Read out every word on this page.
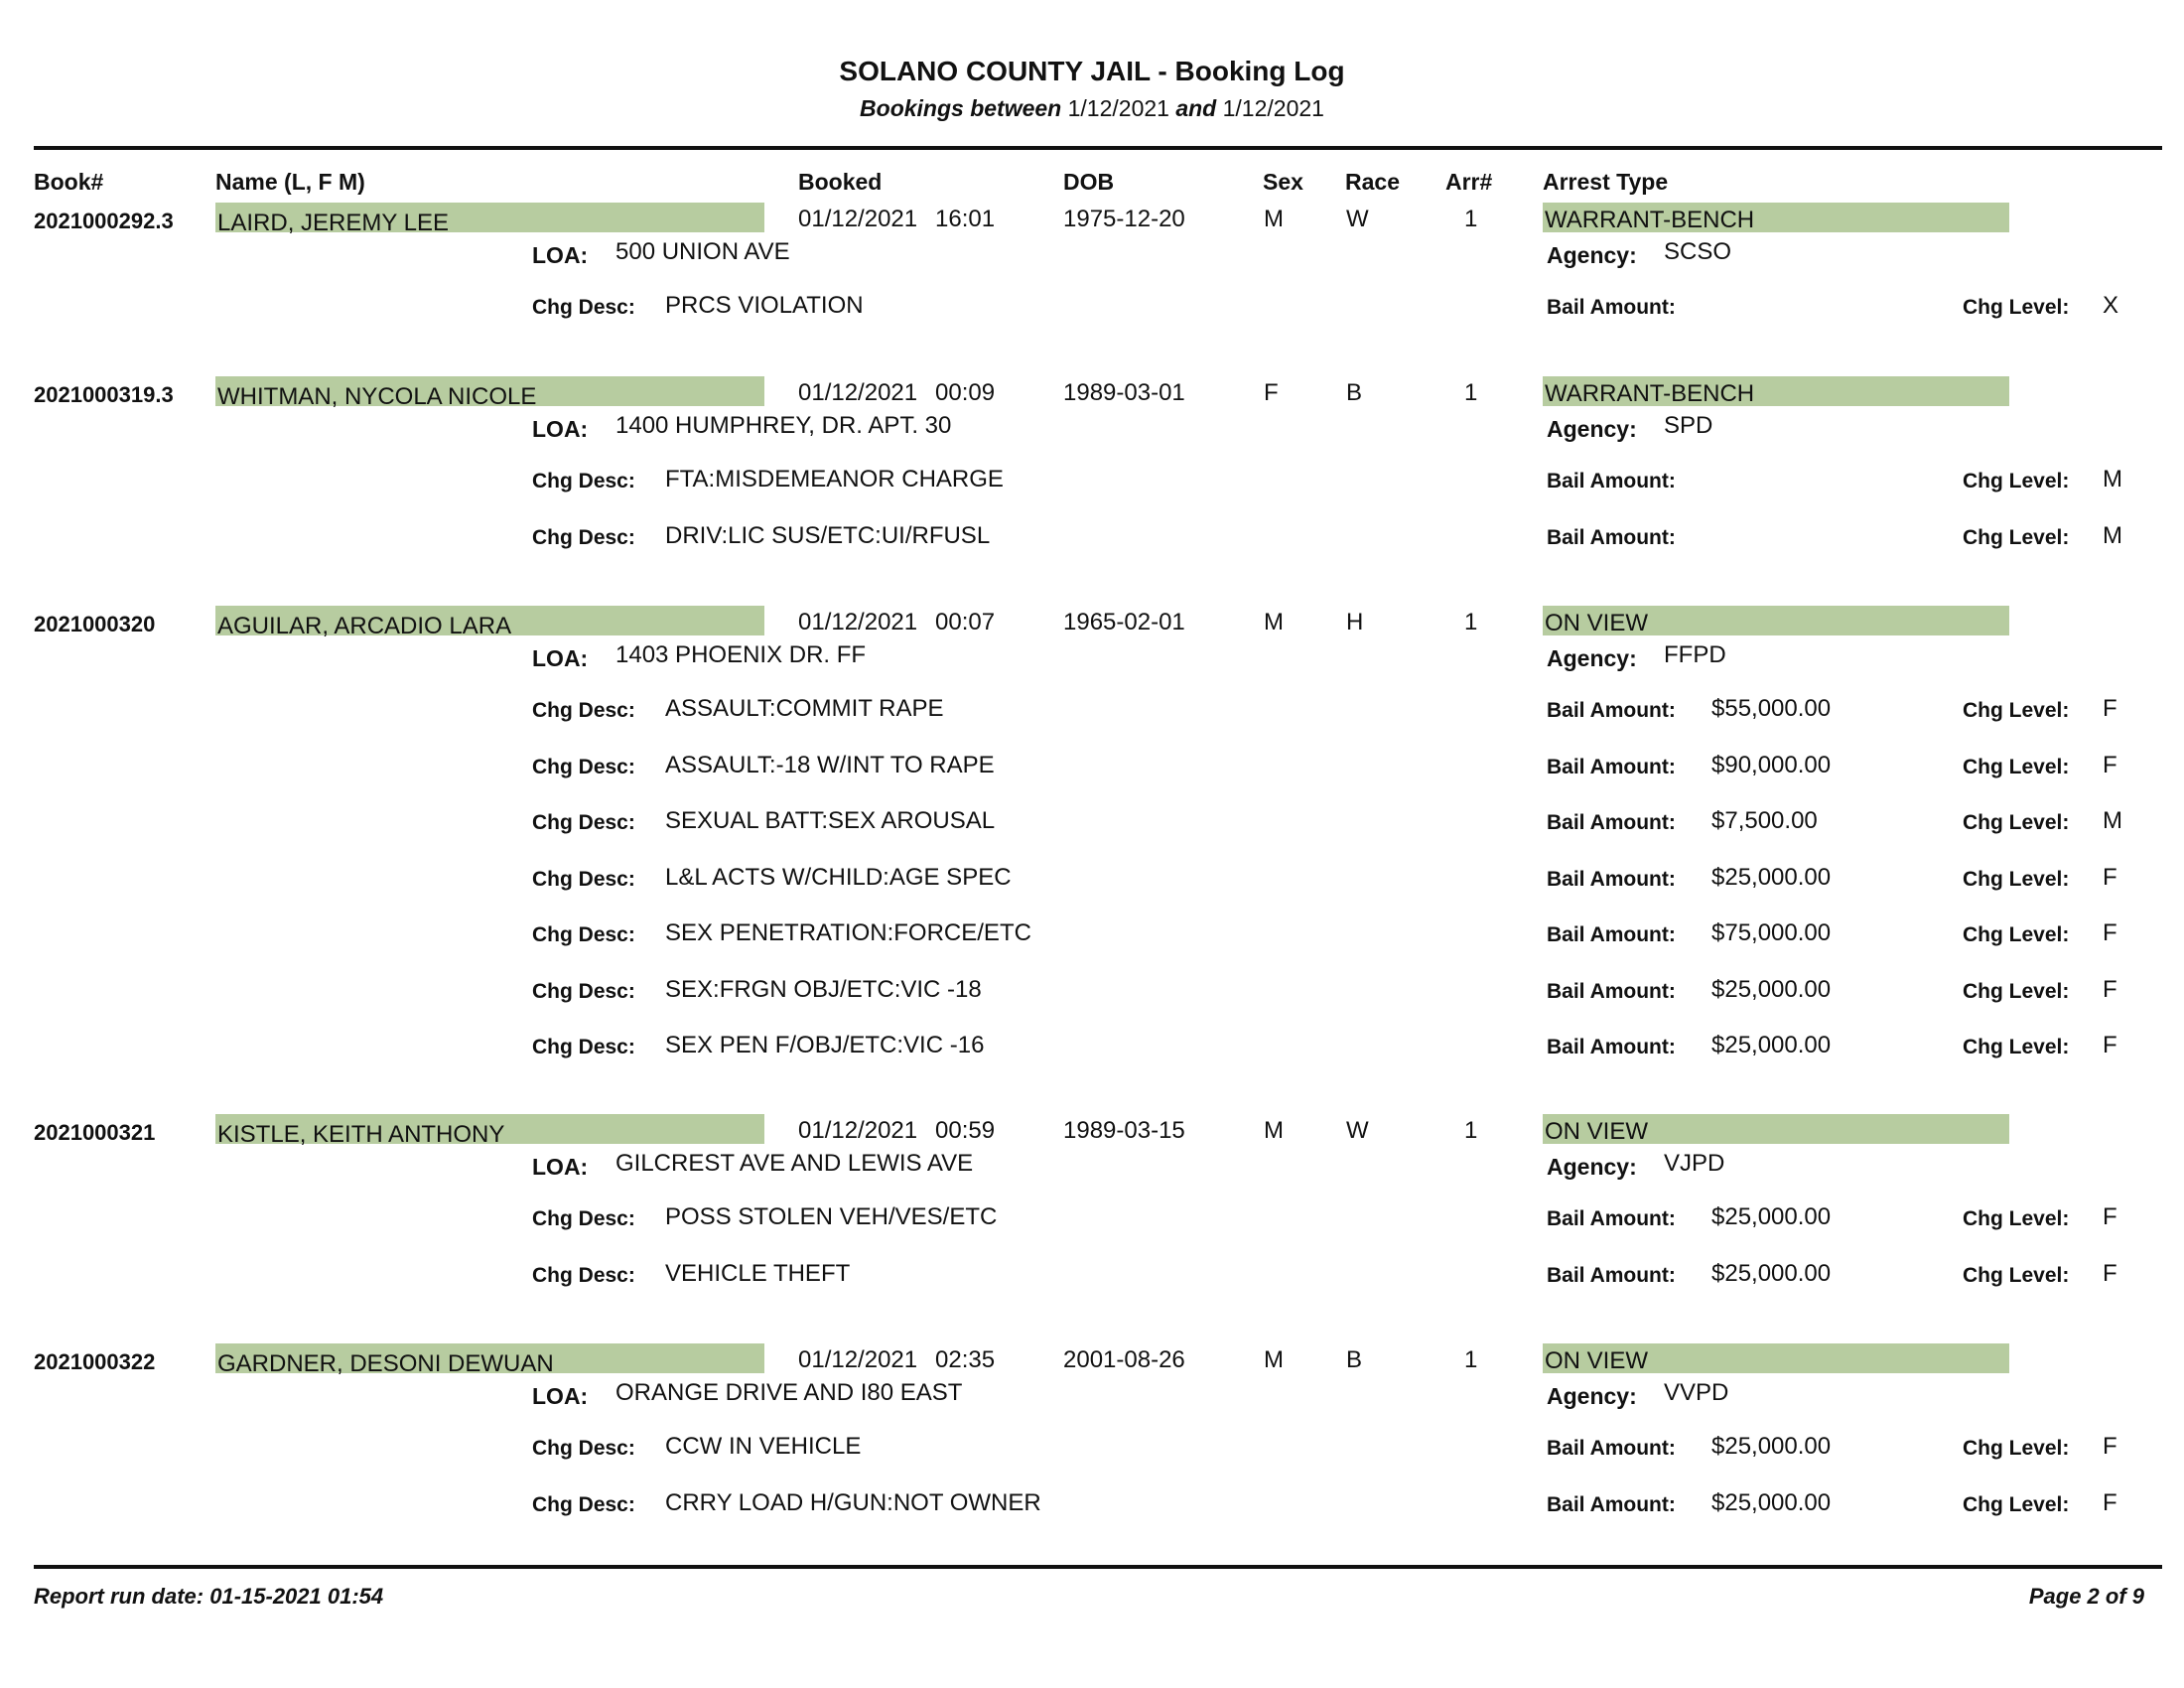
SOLANO COUNTY JAIL - Booking Log
Bookings between 1/12/2021 and 1/12/2021
Book#	Name (L, F M)	Booked	DOB	Sex Race Arr# Arrest Type
2021000292.3 LAIRD, JEREMY LEE	01/12/2021 16:01	1975-12-20	M	W	1	WARRANT-BENCH
LOA: 500 UNION AVE	Agency: SCSO
Chg Desc: PRCS VIOLATION	Bail Amount:	Chg Level: X
2021000319.3 WHITMAN, NYCOLA NICOLE	01/12/2021 00:09	1989-03-01	F	B	1	WARRANT-BENCH
LOA: 1400 HUMPHREY, DR. APT. 30	Agency: SPD
Chg Desc: FTA:MISDEMEANOR CHARGE	Bail Amount:	Chg Level: M
Chg Desc: DRIV:LIC SUS/ETC:UI/RFUSL	Bail Amount:	Chg Level: M
2021000320	AGUILAR, ARCADIO LARA	01/12/2021 00:07	1965-02-01	M	H	1	ON VIEW
LOA: 1403 PHOENIX DR. FF	Agency: FFPD
Chg Desc: ASSAULT:COMMIT RAPE	Bail Amount: $55,000.00	Chg Level: F
Chg Desc: ASSAULT:-18 W/INT TO RAPE	Bail Amount: $90,000.00	Chg Level: F
Chg Desc: SEXUAL BATT:SEX AROUSAL	Bail Amount: $7,500.00	Chg Level: M
Chg Desc: L&L ACTS W/CHILD:AGE SPEC	Bail Amount: $25,000.00	Chg Level: F
Chg Desc: SEX PENETRATION:FORCE/ETC	Bail Amount: $75,000.00	Chg Level: F
Chg Desc: SEX:FRGN OBJ/ETC:VIC -18	Bail Amount: $25,000.00	Chg Level: F
Chg Desc: SEX PEN F/OBJ/ETC:VIC -16	Bail Amount: $25,000.00	Chg Level: F
2021000321	KISTLE, KEITH ANTHONY	01/12/2021 00:59	1989-03-15	M	W	1	ON VIEW
LOA: GILCREST AVE AND LEWIS AVE	Agency: VJPD
Chg Desc: POSS STOLEN VEH/VES/ETC	Bail Amount: $25,000.00	Chg Level: F
Chg Desc: VEHICLE THEFT	Bail Amount: $25,000.00	Chg Level: F
2021000322	GARDNER, DESONI DEWUAN	01/12/2021 02:35	2001-08-26	M	B	1	ON VIEW
LOA: ORANGE DRIVE AND I80 EAST	Agency: VVPD
Chg Desc: CCW IN VEHICLE	Bail Amount: $25,000.00	Chg Level: F
Chg Desc: CRRY LOAD H/GUN:NOT OWNER	Bail Amount: $25,000.00	Chg Level: F
Report run date: 01-15-2021 01:54	Page 2 of 9
